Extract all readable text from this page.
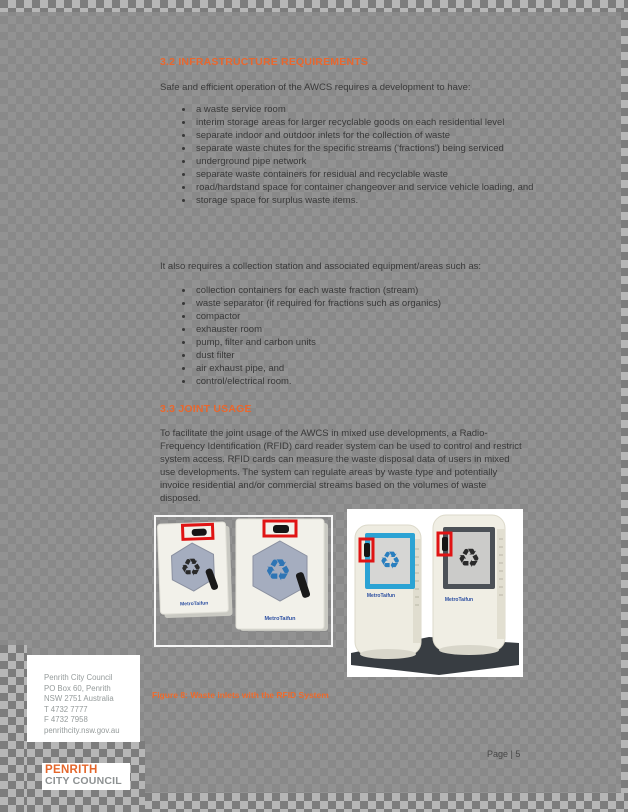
3.2 INFRASTRUCTURE REQUIREMENTS
Safe and efficient operation of the AWCS requires a development to have:
• a waste service room
• interim storage areas for larger recyclable goods on each residential level
• separate indoor and outdoor inlets for the collection of waste
• separate waste chutes for the specific streams ('fractions') being serviced
• underground pipe network
• separate waste containers for residual and recyclable waste
• road/hardstand space for container changeover and service vehicle loading, and
• storage space for surplus waste items.
It also requires a collection station and associated equipment/areas such as:
• collection containers for each waste fraction (stream)
• waste separator (if required for fractions such as organics)
• compactor
• exhauster room
• pump, filter and carbon units
• dust filter
• air exhaust pipe, and
• control/electrical room.
3.3 JOINT USAGE
To facilitate the joint usage of the AWCS in mixed use developments, a Radio-Frequency Identification (RFID) card reader system can be used to control and restrict system access. RFID cards can measure the waste disposal data of users in mixed use developments. The system can regulate areas by waste type and potentially invoice residential and/or commercial streams based on the volumes of waste disposed.
♻
MetroTaifun
♻
MetroTaifun
♻
MetroTaifun
♻
MetroTaifun
Figure 8: Waste inlets with the RFID System
Penrith City Council
PO Box 60, Penrith
NSW 2751 Australia
T 4732 7777
F 4732 7958
penrithcity.nsw.gov.au
PENRITH
CITY COUNCIL
Page | 5
